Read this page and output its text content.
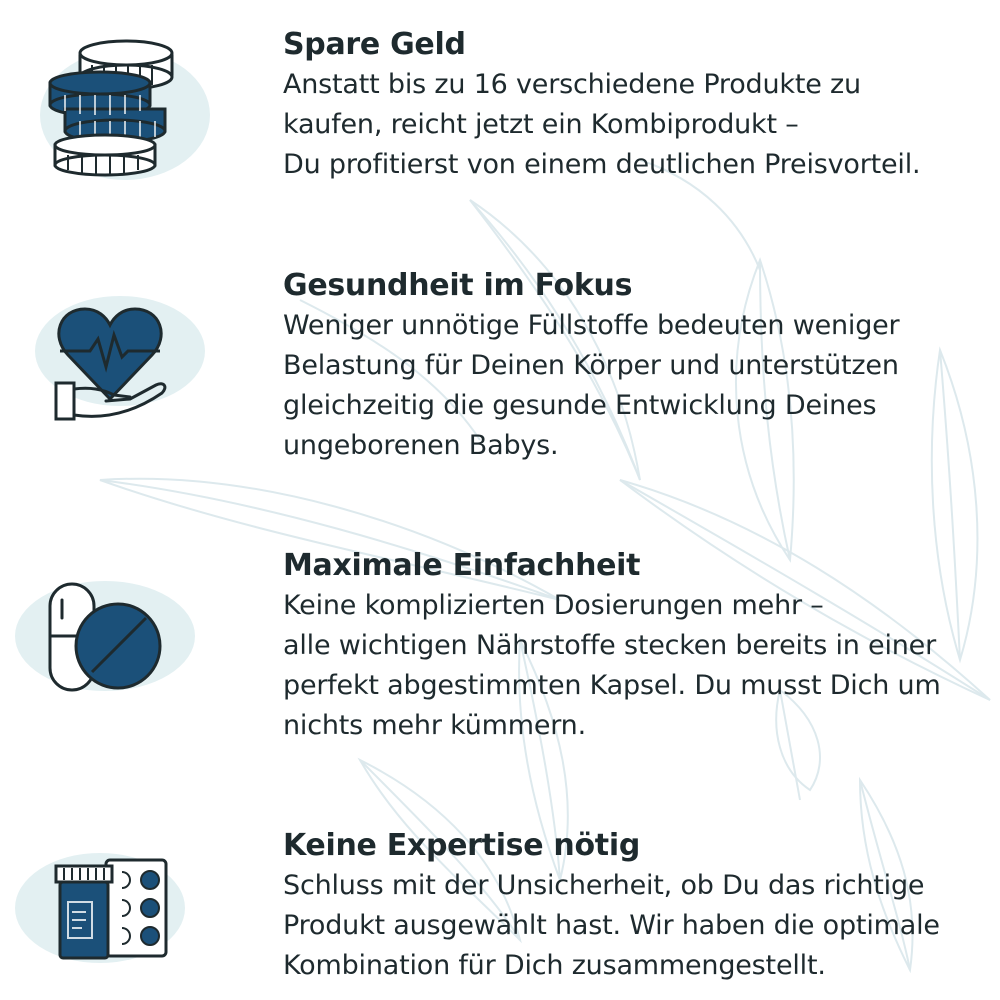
Spare Geld
Anstatt bis zu 16 verschiedene Produkte zu
kaufen, reicht jetzt ein Kombiprodukt –
Du profitierst von einem deutlichen Preisvorteil.
Gesundheit im Fokus
Weniger unnötige Füllstoffe bedeuten weniger
Belastung für Deinen Körper und unterstützen
gleichzeitig die gesunde Entwicklung Deines
ungeborenen Babys.
Maximale Einfachheit
Keine komplizierten Dosierungen mehr –
alle wichtigen Nährstoffe stecken bereits in einer
perfekt abgestimmten Kapsel. Du musst Dich um
nichts mehr kümmern.
Keine Expertise nötig
Schluss mit der Unsicherheit, ob Du das richtige
Produkt ausgewählt hast. Wir haben die optimale
Kombination für Dich zusammengestellt.
